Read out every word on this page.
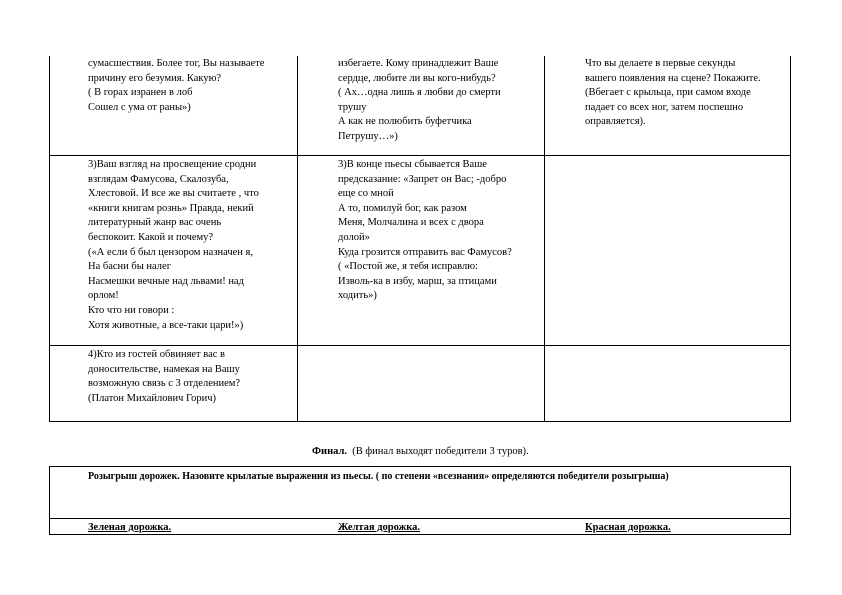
сумасшествия. Более тог, Вы называете
причину его безумия. Какую?
( В горах изранен в лоб
Сошел с ума от раны»)
избегаете. Кому принадлежит Ваше
сердце, любите ли вы кого-нибудь?
( Ах…одна лишь я любви до смерти
трушу
А как не полюбить буфетчика
Петрушу…»)
Что вы делаете в первые секунды
вашего появления на сцене? Покажите.
(Вбегает с крыльца, при самом входе
падает со всех ног, затем поспешно
оправляется).
3)Ваш взгляд на просвещение сродни
взглядам Фамусова, Скалозуба,
Хлестовой. И все же вы считаете , что
«книги книгам рознь» Правда, некий
литературный жанр вас очень
беспокоит. Какой и почему?
(«А если б был цензором назначен я,
На басни бы налег
Насмешки вечные над львами! над
орлом!
Кто что ни говори :
Хотя животные, а все-таки цари!»)
3)В конце пьесы сбывается Ваше
предсказание: «Запрет он Вас; -добро
еще со мной
А то, помилуй бог, как разом
Меня, Молчалина и всех с двора
долой»
Куда грозится отправить вас Фамусов?
( «Постой же, я тебя исправлю:
Изволь-ка в избу, марш, за птицами
ходить»)
4)Кто из гостей обвиняет вас в
доносительстве, намекая на Вашу
возможную связь с 3 отделением?
(Платон Михайлович Горич)
Финал. (В финал выходят победители 3 туров).
Розыгрыш дорожек. Назовите крылатые выражения из пьесы. ( по степени «всезнания» определяются победители розыгрыша)
Зеленая дорожка.	Желтая дорожка.	Красная дорожка.
